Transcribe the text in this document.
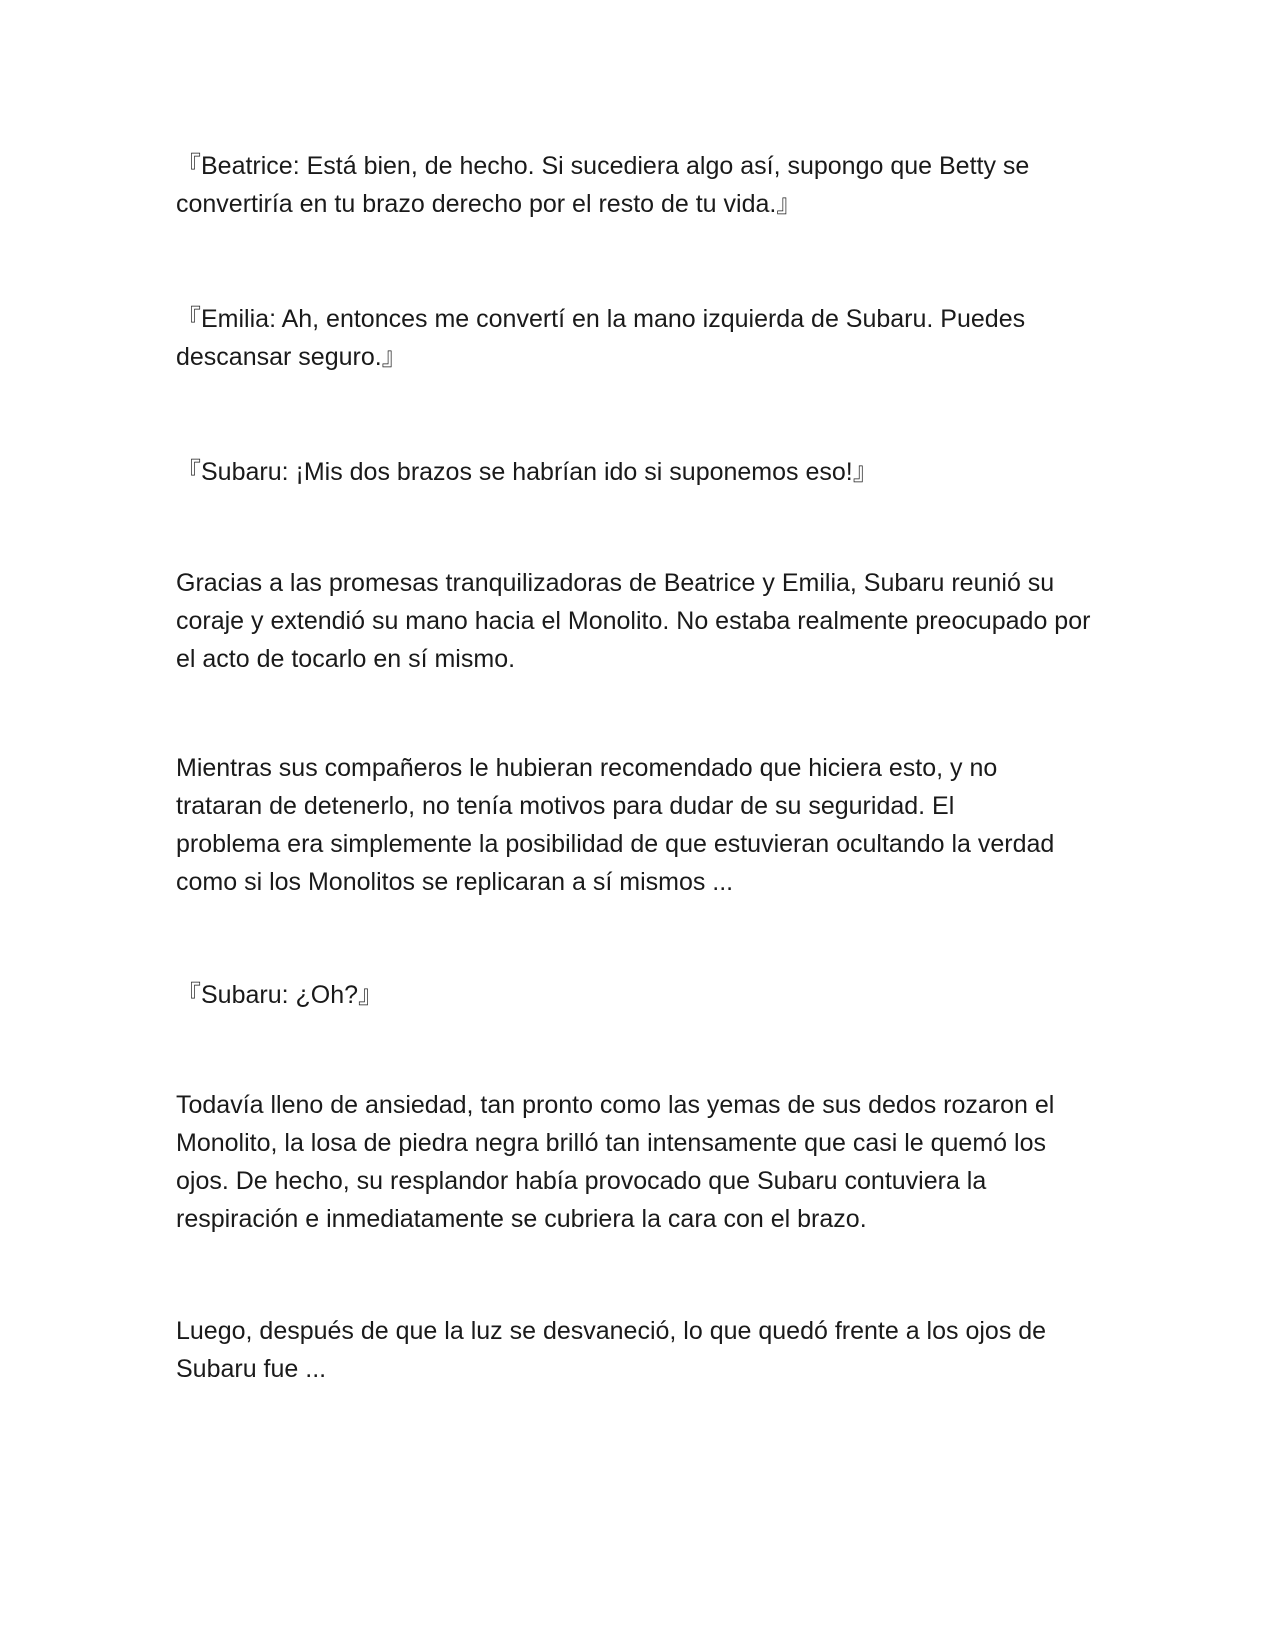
『Beatrice: Está bien, de hecho. Si sucediera algo así, supongo que Betty se convertiría en tu brazo derecho por el resto de tu vida.』

『Emilia: Ah, entonces me convertí en la mano izquierda de Subaru. Puedes descansar seguro.』

『Subaru: ¡Mis dos brazos se habrían ido si suponemos eso!』

Gracias a las promesas tranquilizadoras de Beatrice y Emilia, Subaru reunió su coraje y extendió su mano hacia el Monolito. No estaba realmente preocupado por el acto de tocarlo en sí mismo.

Mientras sus compañeros le hubieran recomendado que hiciera esto, y no trataran de detenerlo, no tenía motivos para dudar de su seguridad. El problema era simplemente la posibilidad de que estuvieran ocultando la verdad como si los Monolitos se replicaran a sí mismos ...

『Subaru: ¿Oh?』

Todavía lleno de ansiedad, tan pronto como las yemas de sus dedos rozaron el Monolito, la losa de piedra negra brilló tan intensamente que casi le quemó los ojos. De hecho, su resplandor había provocado que Subaru contuviera la respiración e inmediatamente se cubriera la cara con el brazo.

Luego, después de que la luz se desvaneció, lo que quedó frente a los ojos de Subaru fue ...
